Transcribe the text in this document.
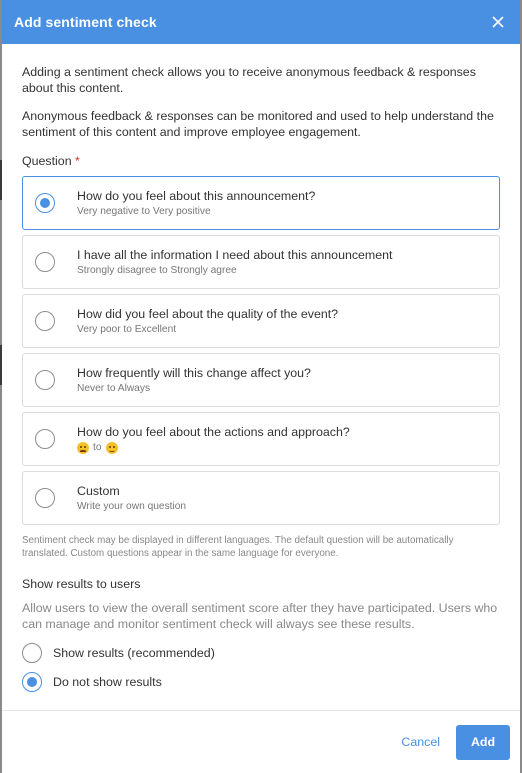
Add sentiment check

Adding a sentiment check allows you to receive anonymous feedback & responses about this content.

Anonymous feedback & responses can be monitored and used to help understand the sentiment of this content and improve employee engagement.

Question *
How do you feel about this announcement?
Very negative to Very positive
I have all the information I need about this announcement
Strongly disagree to Strongly agree
How did you feel about the quality of the event?
Very poor to Excellent
How frequently will this change affect you?
Never to Always
How do you feel about the actions and approach?
to
Custom
Write your own question

Sentiment check may be displayed in different languages. The default question will be automatically translated. Custom questions appear in the same language for everyone.

Show results to users

Allow users to view the overall sentiment score after they have participated. Users who can manage and monitor sentiment check will always see these results.

Show results (recommended)
Do not show results
Cancel	Add
